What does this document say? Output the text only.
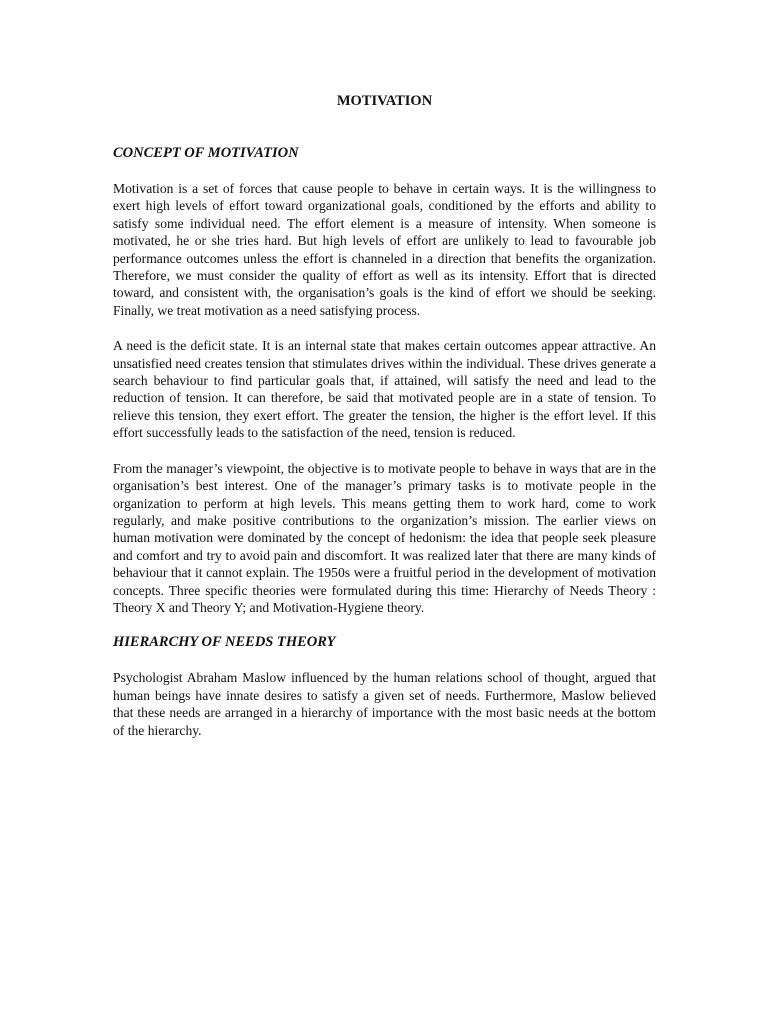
MOTIVATION
CONCEPT OF MOTIVATION

Motivation is a set of forces that cause people to behave in certain ways. It is the willingness to exert high levels of effort toward organizational goals, conditioned by the efforts and ability to satisfy some individual need. The effort element is a measure of intensity. When someone is motivated, he or she tries hard. But high levels of effort are unlikely to lead to favourable job performance outcomes unless the effort is channeled in a direction that benefits the organization. Therefore, we must consider the quality of effort as well as its intensity. Effort that is directed toward, and consistent with, the organisation’s goals is the kind of effort we should be seeking. Finally, we treat motivation as a need satisfying process.

A need is the deficit state. It is an internal state that makes certain outcomes appear attractive. An unsatisfied need creates tension that stimulates drives within the individual. These drives generate a search behaviour to find particular goals that, if attained, will satisfy the need and lead to the reduction of tension. It can therefore, be said that motivated people are in a state of tension. To relieve this tension, they exert effort. The greater the tension, the higher is the effort level. If this effort successfully leads to the satisfaction of the need, tension is reduced.

From the manager’s viewpoint, the objective is to motivate people to behave in ways that are in the organisation’s best interest. One of the manager’s primary tasks is to motivate people in the organization to perform at high levels. This means getting them to work hard, come to work regularly, and make positive contributions to the organization’s mission. The earlier views on human motivation were dominated by the concept of hedonism: the idea that people seek pleasure and comfort and try to avoid pain and discomfort. It was realized later that there are many kinds of behaviour that it cannot explain. The 1950s were a fruitful period in the development of motivation concepts. Three specific theories were formulated during this time: Hierarchy of Needs Theory : Theory X and Theory Y; and Motivation-Hygiene theory.

HIERARCHY OF NEEDS THEORY

Psychologist Abraham Maslow influenced by the human relations school of thought, argued that human beings have innate desires to satisfy a given set of needs. Furthermore, Maslow believed that these needs are arranged in a hierarchy of importance with the most basic needs at the bottom of the hierarchy.
